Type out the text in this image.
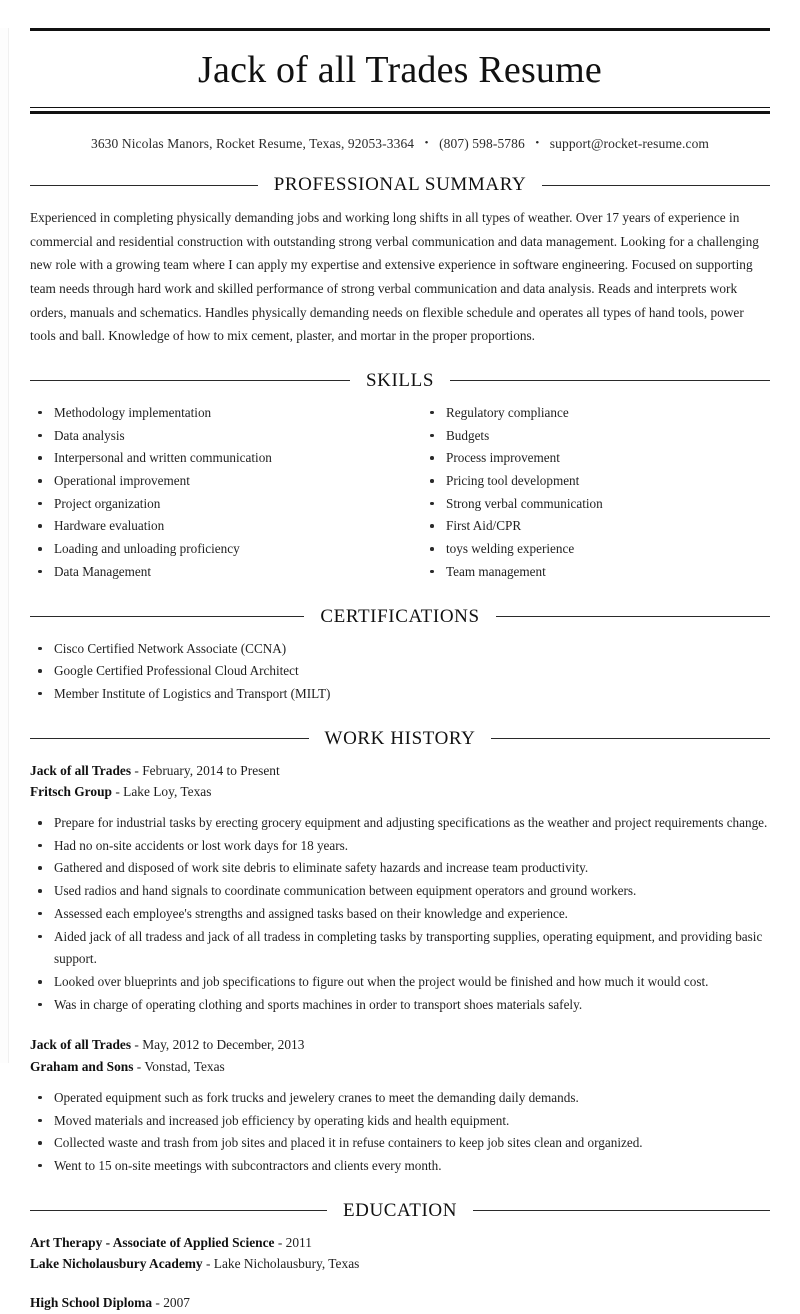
Jack of all Trades Resume
3630 Nicolas Manors, Rocket Resume, Texas, 92053-3364 • (807) 598-5786 • support@rocket-resume.com
PROFESSIONAL SUMMARY

Experienced in completing physically demanding jobs and working long shifts in all types of weather. Over 17 years of experience in commercial and residential construction with outstanding strong verbal communication and data management. Looking for a challenging new role with a growing team where I can apply my expertise and extensive experience in software engineering. Focused on supporting team needs through hard work and skilled performance of strong verbal communication and data analysis. Reads and interprets work orders, manuals and schematics. Handles physically demanding needs on flexible schedule and operates all types of hand tools, power tools and ball. Knowledge of how to mix cement, plaster, and mortar in the proper proportions.

SKILLS
Methodology implementation
Data analysis
Interpersonal and written communication
Operational improvement
Project organization
Hardware evaluation
Loading and unloading proficiency
Data Management
Regulatory compliance
Budgets
Process improvement
Pricing tool development
Strong verbal communication
First Aid/CPR
toys welding experience
Team management
CERTIFICATIONS
Cisco Certified Network Associate (CCNA)
Google Certified Professional Cloud Architect
Member Institute of Logistics and Transport (MILT)
WORK HISTORY
Jack of all Trades - February, 2014 to Present
Fritsch Group - Lake Loy, Texas
Prepare for industrial tasks by erecting grocery equipment and adjusting specifications as the weather and project requirements change.
Had no on-site accidents or lost work days for 18 years.
Gathered and disposed of work site debris to eliminate safety hazards and increase team productivity.
Used radios and hand signals to coordinate communication between equipment operators and ground workers.
Assessed each employee's strengths and assigned tasks based on their knowledge and experience.
Aided jack of all tradess and jack of all tradess in completing tasks by transporting supplies, operating equipment, and providing basic support.
Looked over blueprints and job specifications to figure out when the project would be finished and how much it would cost.
Was in charge of operating clothing and sports machines in order to transport shoes materials safely.
Jack of all Trades - May, 2012 to December, 2013
Graham and Sons - Vonstad, Texas
Operated equipment such as fork trucks and jewelery cranes to meet the demanding daily demands.
Moved materials and increased job efficiency by operating kids and health equipment.
Collected waste and trash from job sites and placed it in refuse containers to keep job sites clean and organized.
Went to 15 on-site meetings with subcontractors and clients every month.
EDUCATION
Art Therapy - Associate of Applied Science - 2011
Lake Nicholausbury Academy - Lake Nicholausbury, Texas
High School Diploma - 2007
